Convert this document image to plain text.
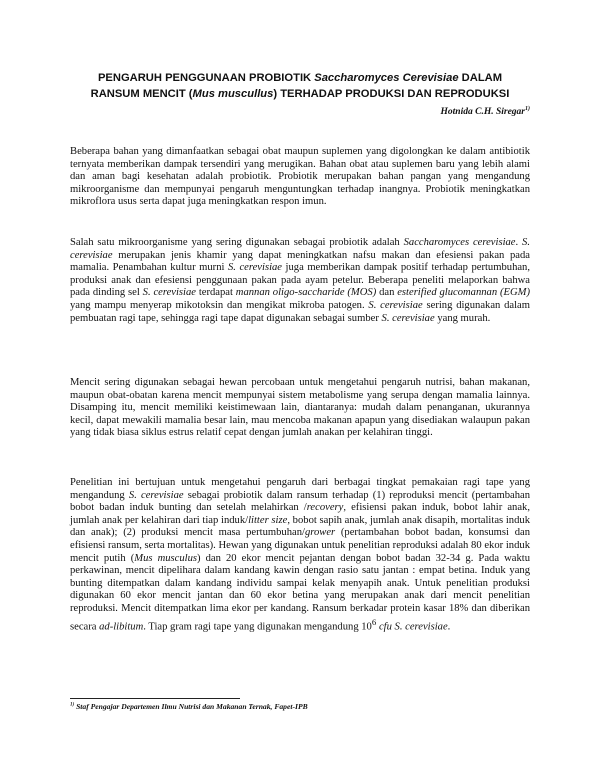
PENGARUH PENGGUNAAN PROBIOTIK Saccharomyces Cerevisiae DALAM
RANSUM MENCIT (Mus muscullus) TERHADAP PRODUKSI DAN REPRODUKSI
Hotnida C.H. Siregar$^{1)}$
Beberapa bahan yang dimanfaatkan sebagai obat maupun suplemen yang digolongkan ke dalam antibiotik ternyata memberikan dampak tersendiri yang merugikan. Bahan obat atau suplemen baru yang lebih alami dan aman bagi kesehatan adalah probiotik. Probiotik merupakan bahan pangan yang mengandung mikroorganisme dan mempunyai pengaruh menguntungkan terhadap inangnya. Probiotik meningkatkan mikroflora usus serta dapat juga meningkatkan respon imun.
Salah satu mikroorganisme yang sering digunakan sebagai probiotik adalah Saccharomyces cerevisiae. S. cerevisiae merupakan jenis khamir yang dapat meningkatkan nafsu makan dan efesiensi pakan pada mamalia. Penambahan kultur murni S. cerevisiae juga memberikan dampak positif terhadap pertumbuhan, produksi anak dan efesiensi penggunaan pakan pada ayam petelur. Beberapa peneliti melaporkan bahwa pada dinding sel S. cerevisiae terdapat mannan oligo-saccharide (MOS) dan esterified glucomannan (EGM) yang mampu menyerap mikotoksin dan mengikat mikroba patogen. S. cerevisiae sering digunakan dalam pembuatan ragi tape, sehingga ragi tape dapat digunakan sebagai sumber S. cerevisiae yang murah.
Mencit sering digunakan sebagai hewan percobaan untuk mengetahui pengaruh nutrisi, bahan makanan, maupun obat-obatan karena mencit mempunyai sistem metabolisme yang serupa dengan mamalia lainnya. Disamping itu, mencit memiliki keistimewaan lain, diantaranya: mudah dalam penanganan, ukurannya kecil, dapat mewakili mamalia besar lain, mau mencoba makanan apapun yang disediakan walaupun pakan yang tidak biasa siklus estrus relatif cepat dengan jumlah anakan per kelahiran tinggi.
Penelitian ini bertujuan untuk mengetahui pengaruh dari berbagai tingkat pemakaian ragi tape yang mengandung S. cerevisiae sebagai probiotik dalam ransum terhadap (1) reproduksi mencit (pertambahan bobot badan induk bunting dan setelah melahirkan /recovery, efisiensi pakan induk, bobot lahir anak, jumlah anak per kelahiran dari tiap induk/litter size, bobot sapih anak, jumlah anak disapih, mortalitas induk dan anak); (2) produksi mencit masa pertumbuhan/grower (pertambahan bobot badan, konsumsi dan efisiensi ransum, serta mortalitas). Hewan yang digunakan untuk penelitian reproduksi adalah 80 ekor induk mencit putih (Mus musculus) dan 20 ekor mencit pejantan dengan bobot badan 32-34 g. Pada waktu perkawinan, mencit dipelihara dalam kandang kawin dengan rasio satu jantan : empat betina. Induk yang bunting ditempatkan dalam kandang individu sampai kelak menyapih anak. Untuk penelitian produksi digunakan 60 ekor mencit jantan dan 60 ekor betina yang merupakan anak dari mencit penelitian reproduksi. Mencit ditempatkan lima ekor per kandang. Ransum berkadar protein kasar 18% dan diberikan secara ad-libitum. Tiap gram ragi tape yang digunakan mengandung $10^6$ cfu S. cerevisiae.
$^{1)}$ Staf Pengajar Departemen Ilmu Nutrisi dan Makanan Ternak, Fapet-IPB
